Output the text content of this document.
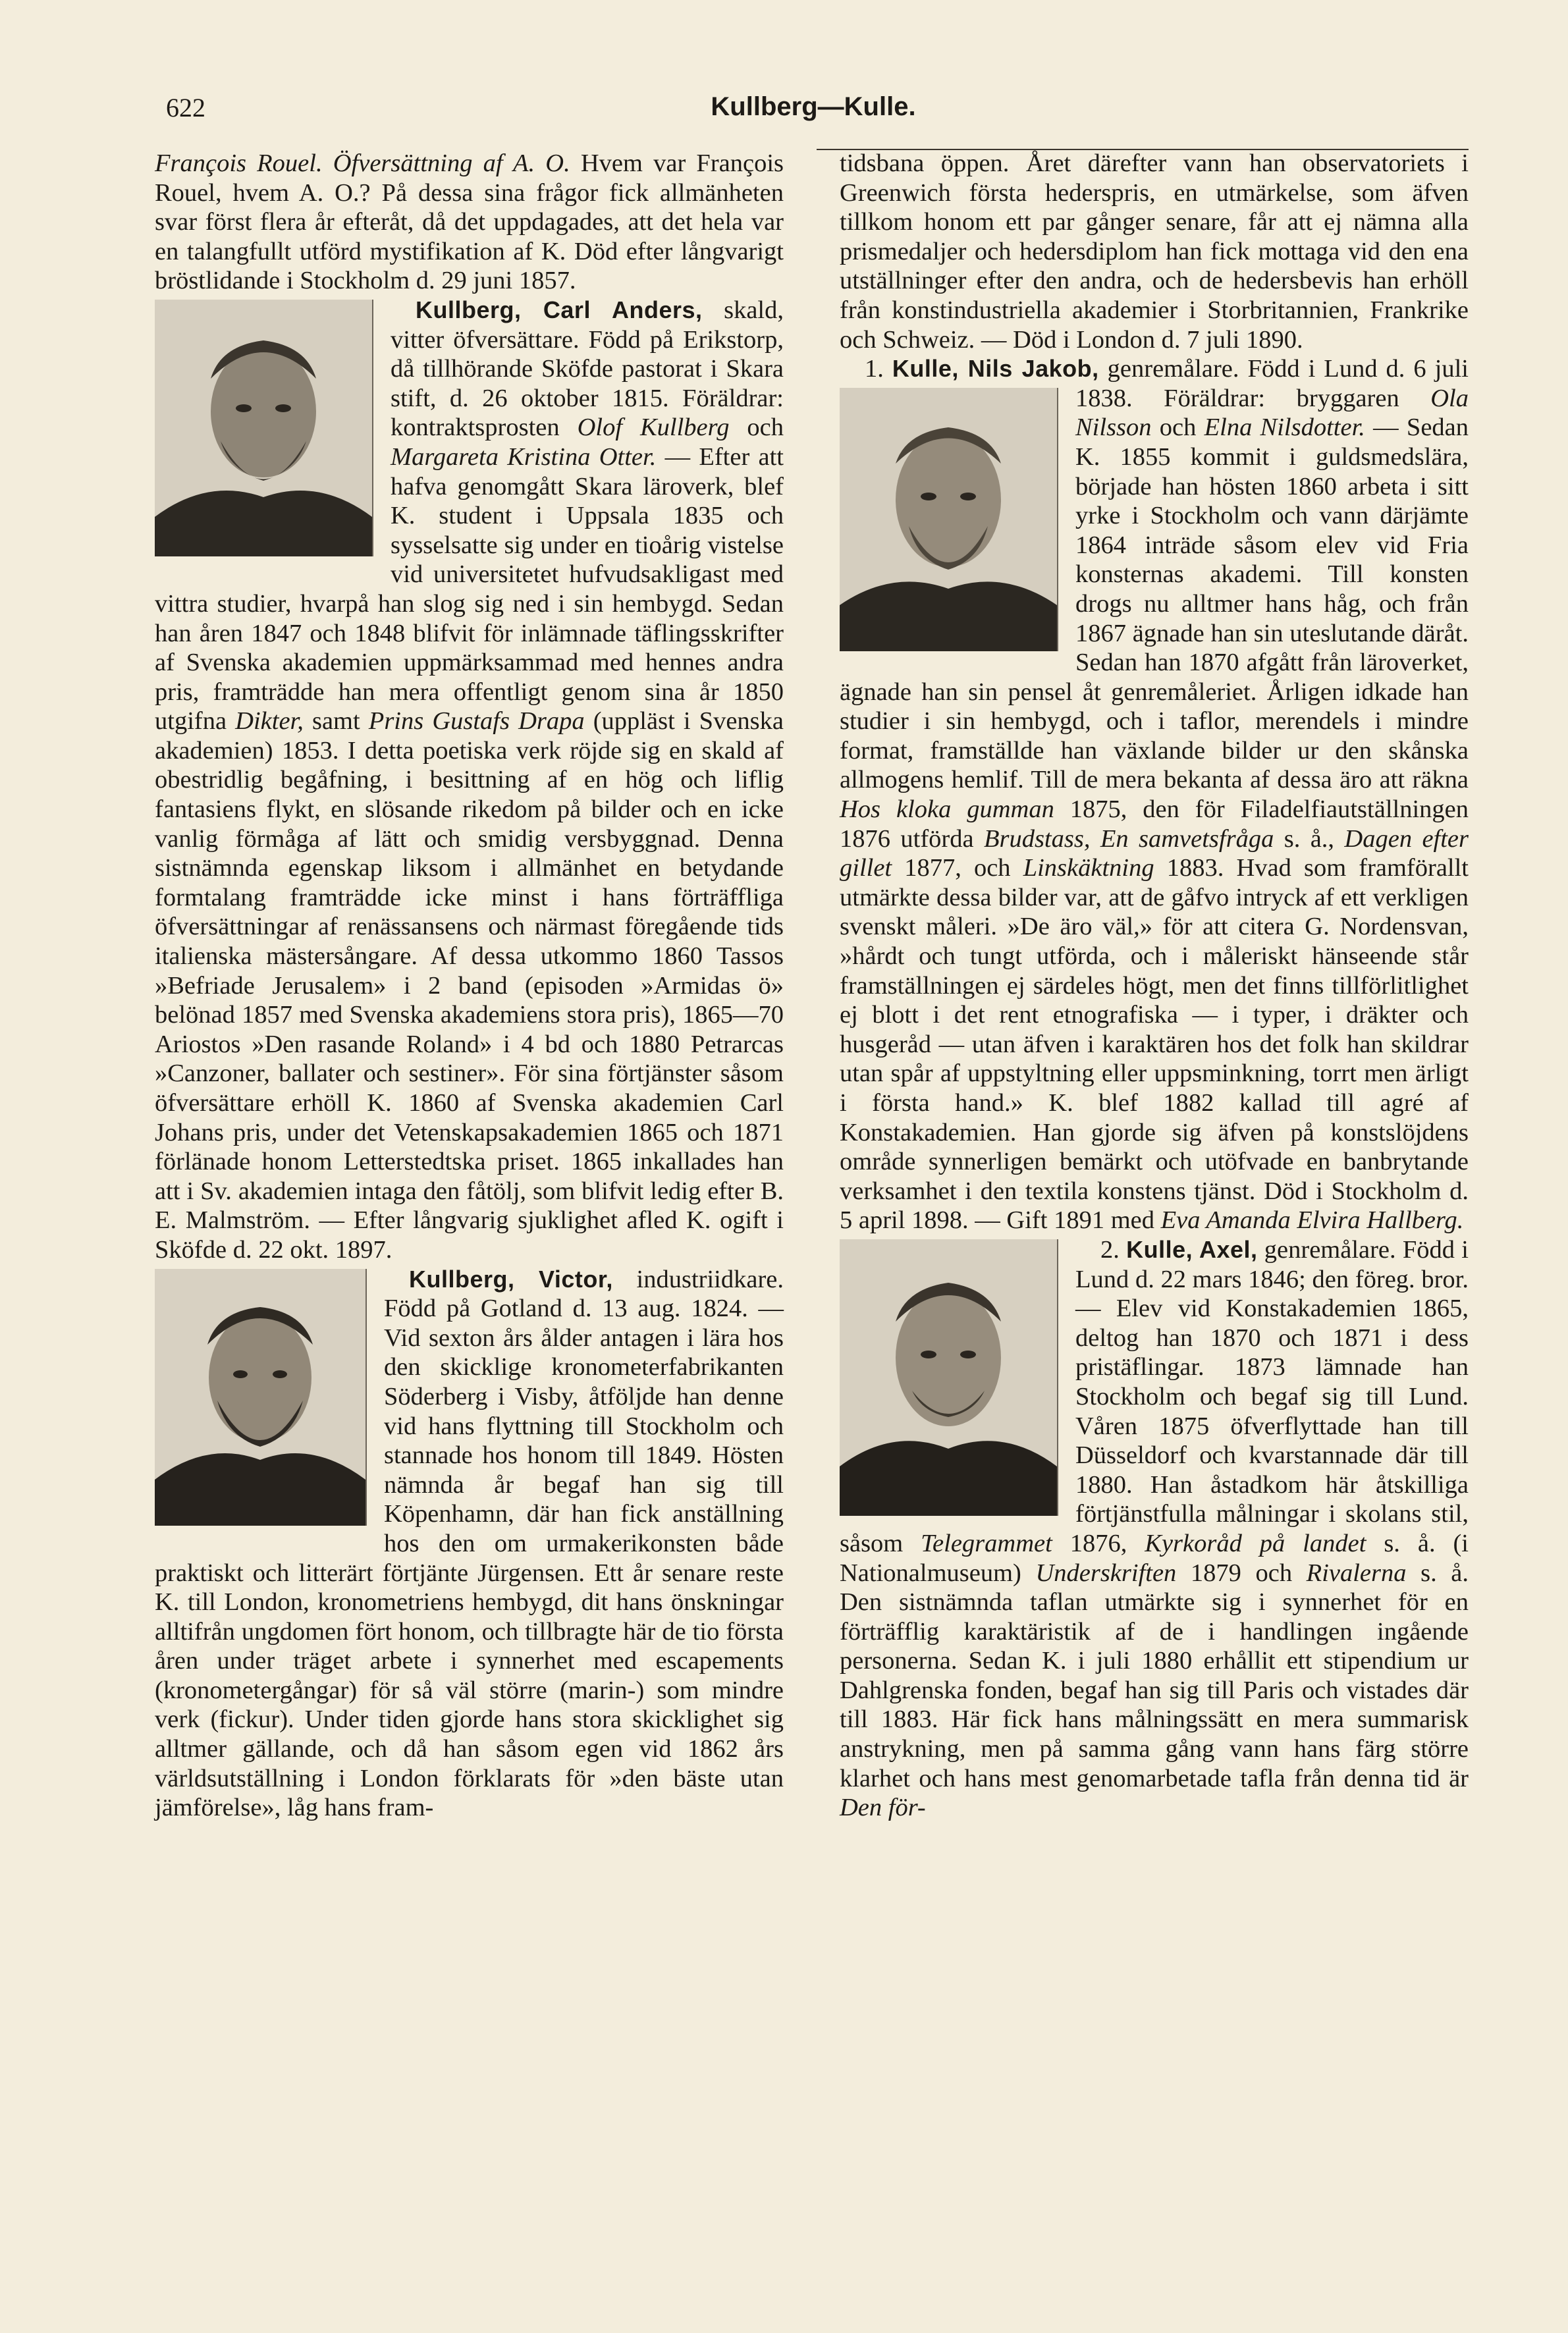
622	Kullberg—Kulle.

François Rouel. Öfversättning af A. O. Hvem var François Rouel, hvem A. O.? På dessa sina frågor fick allmänheten svar först flera år efteråt, då det uppdagades, att det hela var en talangfullt utförd mystifikation af K. Död efter långvarigt bröstlidande i Stockholm d. 29 juni 1857.

Kullberg, Carl Anders, skald, vitter öfversättare. Född på Erikstorp, då tillhörande Sköfde pastorat i Skara stift, d. 26 oktober 1815. Föräldrar: kontraktsprosten Olof Kullberg och Margareta Kristina Otter. — Efter att hafva genomgått Skara läroverk, blef K. student i Uppsala 1835 och sysselsatte sig under en tioårig vistelse vid universitetet hufvudsakligast med vittra studier, hvarpå han slog sig ned i sin hembygd. Sedan han åren 1847 och 1848 blifvit för inlämnade täflingsskrifter af Svenska akademien uppmärksammad med hennes andra pris, framträdde han mera offentligt genom sina år 1850 utgifna Dikter, samt Prins Gustafs Drapa (uppläst i Svenska akademien) 1853. I detta poetiska verk röjde sig en skald af obestridlig begåfning, i besittning af en hög och liflig fantasiens flykt, en slösande rikedom på bilder och en icke vanlig förmåga af lätt och smidig versbyggnad. Denna sistnämnda egenskap liksom i allmänhet en betydande formtalang framträdde icke minst i hans förträffliga öfversättningar af renässansens och närmast föregående tids italienska mästersångare. Af dessa utkommo 1860 Tassos »Befriade Jerusalem» i 2 band (episoden »Armidas ö» belönad 1857 med Svenska akademiens stora pris), 1865—70 Ariostos »Den rasande Roland» i 4 bd och 1880 Petrarcas »Canzoner, ballater och sestiner». För sina förtjänster såsom öfversättare erhöll K. 1860 af Svenska akademien Carl Johans pris, under det Vetenskapsakademien 1865 och 1871 förlänade honom Letterstedtska priset. 1865 inkallades han att i Sv. akademien intaga den fåtölj, som blifvit ledig efter B. E. Malmström. — Efter långvarig sjuklighet afled K. ogift i Sköfde d. 22 okt. 1897.

Kullberg, Victor, industriidkare. Född på Gotland d. 13 aug. 1824. — Vid sexton års ålder antagen i lära hos den skicklige kronometerfabrikanten Söderberg i Visby, åtföljde han denne vid hans flyttning till Stockholm och stannade hos honom till 1849. Hösten nämnda år begaf han sig till Köpenhamn, där han fick anställning hos den om urmakerikonsten både praktiskt och litterärt förtjänte Jürgensen. Ett år senare reste K. till London, kronometriens hembygd, dit hans önskningar alltifrån ungdomen fört honom, och tillbragte här de tio första åren under träget arbete i synnerhet med escapements (kronometergångar) för så väl större (marin-) som mindre verk (fickur). Under tiden gjorde hans stora skicklighet sig alltmer gällande, och då han såsom egen vid 1862 års världsutställning i London förklarats för »den bäste utan jämförelse», låg hans fram-

tidsbana öppen. Året därefter vann han observatoriets i Greenwich första hederspris, en utmärkelse, som äfven tillkom honom ett par gånger senare, får att ej nämna alla prismedaljer och hedersdiplom han fick mottaga vid den ena utställninger efter den andra, och de hedersbevis han erhöll från konstindustriella akademier i Storbritannien, Frankrike och Schweiz. — Död i London d. 7 juli 1890.

1. Kulle, Nils Jakob, genremålare. Född i Lund d. 6 juli 1838. Föräldrar: bryggaren
Ola Nilsson och Elna Nilsdotter. — Sedan K. 1855 kommit i guldsmedslära, började han hösten 1860 arbeta i sitt yrke i Stockholm och vann därjämte 1864 inträde såsom elev vid Fria konsternas akademi. Till konsten drogs nu alltmer hans håg, och från 1867 ägnade han sin uteslutande däråt. Sedan han 1870 afgått från läroverket, ägnade han sin pensel åt genremåleriet. Årligen idkade han studier i sin hembygd, och i taflor, merendels i mindre format, framställde han växlande bilder ur den skånska allmogens hemlif. Till de mera bekanta af dessa äro att räkna Hos kloka gumman 1875, den för Filadelfiautställningen 1876 utförda Brudstass, En samvetsfråga s. å., Dagen efter gillet 1877, och Linskäktning 1883. Hvad som framförallt utmärkte dessa bilder var, att de gåfvo intryck af ett verkligen svenskt måleri. »De äro väl,» för att citera G. Nordensvan, »hårdt och tungt utförda, och i måleriskt hänseende står framställningen ej särdeles högt, men det finns tillförlitlighet ej blott i det rent etnografiska — i typer, i dräkter och husgeråd — utan äfven i karaktären hos det folk han skildrar utan spår af uppstyltning eller uppsminkning, torrt men ärligt i första hand.» K. blef 1882 kallad till agré af Konstakademien. Han gjorde sig äfven på konstslöjdens område synnerligen bemärkt och utöfvade en banbrytande verksamhet i den textila konstens tjänst. Död i Stockholm d. 5 april 1898. — Gift 1891 med Eva Amanda Elvira Hallberg.

2. Kulle, Axel,
genremålare. Född i Lund d. 22 mars 1846; den föreg. bror. — Elev vid Konstakademien 1865, deltog han 1870 och 1871 i dess pristäflingar. 1873 lämnade han Stockholm och begaf sig till Lund. Våren 1875 öfverflyttade han till Düsseldorf och kvarstannade där till 1880. Han åstadkom här åtskilliga förtjänstfulla målningar i skolans stil, såsom Telegrammet 1876, Kyrkoråd på landet s. å. (i Nationalmuseum) Underskriften 1879 och Rivalerna s. å. Den sistnämnda taflan utmärkte sig i synnerhet för en förträfflig karaktäristik af de i handlingen ingående personerna. Sedan K. i juli 1880 erhållit ett stipendium ur Dahlgrenska fonden, begaf han sig till Paris och vistades där till 1883. Här fick hans målningssätt en mera summarisk anstrykning, men på samma gång vann hans färg större klarhet och hans mest genomarbetade tafla från denna tid är Den för-
